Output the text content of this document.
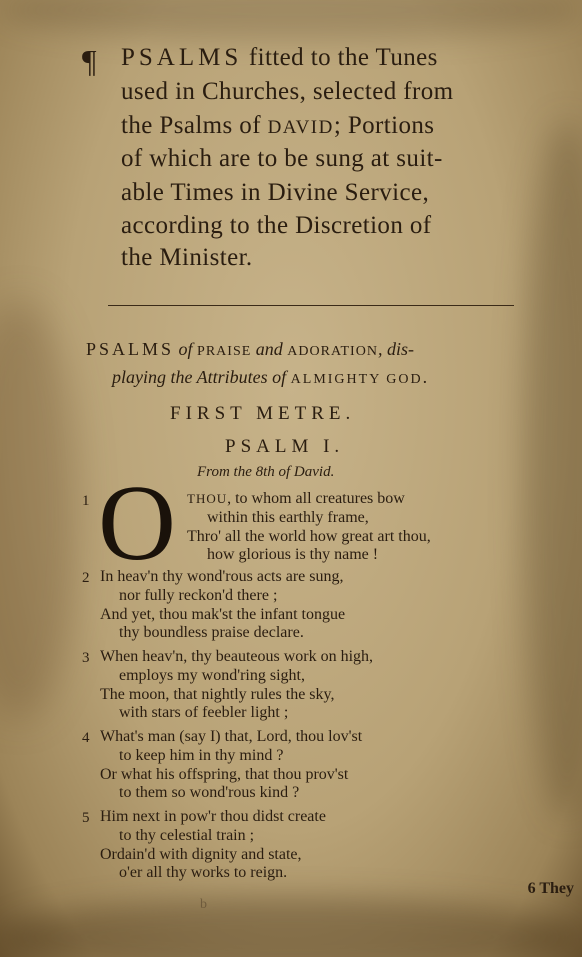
¶ PSALMS fitted to the Tunes
used in Churches, selected from
the Psalms of DAVID; Portions
of which are to be sung at suit-
able Times in Divine Service,
according to the Discretion of
the Minister.
PSALMS of PRAISE and ADORATION, dis-
playing the Attributes of ALMIGHTY GOD.
FIRST METRE.
PSALM I.
From the 8th of David.
1 O THOU, to whom all creatures bow
within this earthly frame,
Thro' all the world how great art thou,
how glorious is thy name !
2 In heav'n thy wond'rous acts are sung,
nor fully reckon'd there ;
And yet, thou mak'st the infant tongue
thy boundless praise declare.
3 When heav'n, thy beauteous work on high,
employs my wond'ring sight,
The moon, that nightly rules the sky,
with stars of feebler light ;
4 What's man (say I) that, Lord, thou lov'st
to keep him in thy mind ?
Or what his offspring, that thou prov'st
to them so wond'rous kind ?
5 Him next in pow'r thou didst create
to thy celestial train ;
Ordain'd with dignity and state,
o'er all thy works to reign.
6 They
b
